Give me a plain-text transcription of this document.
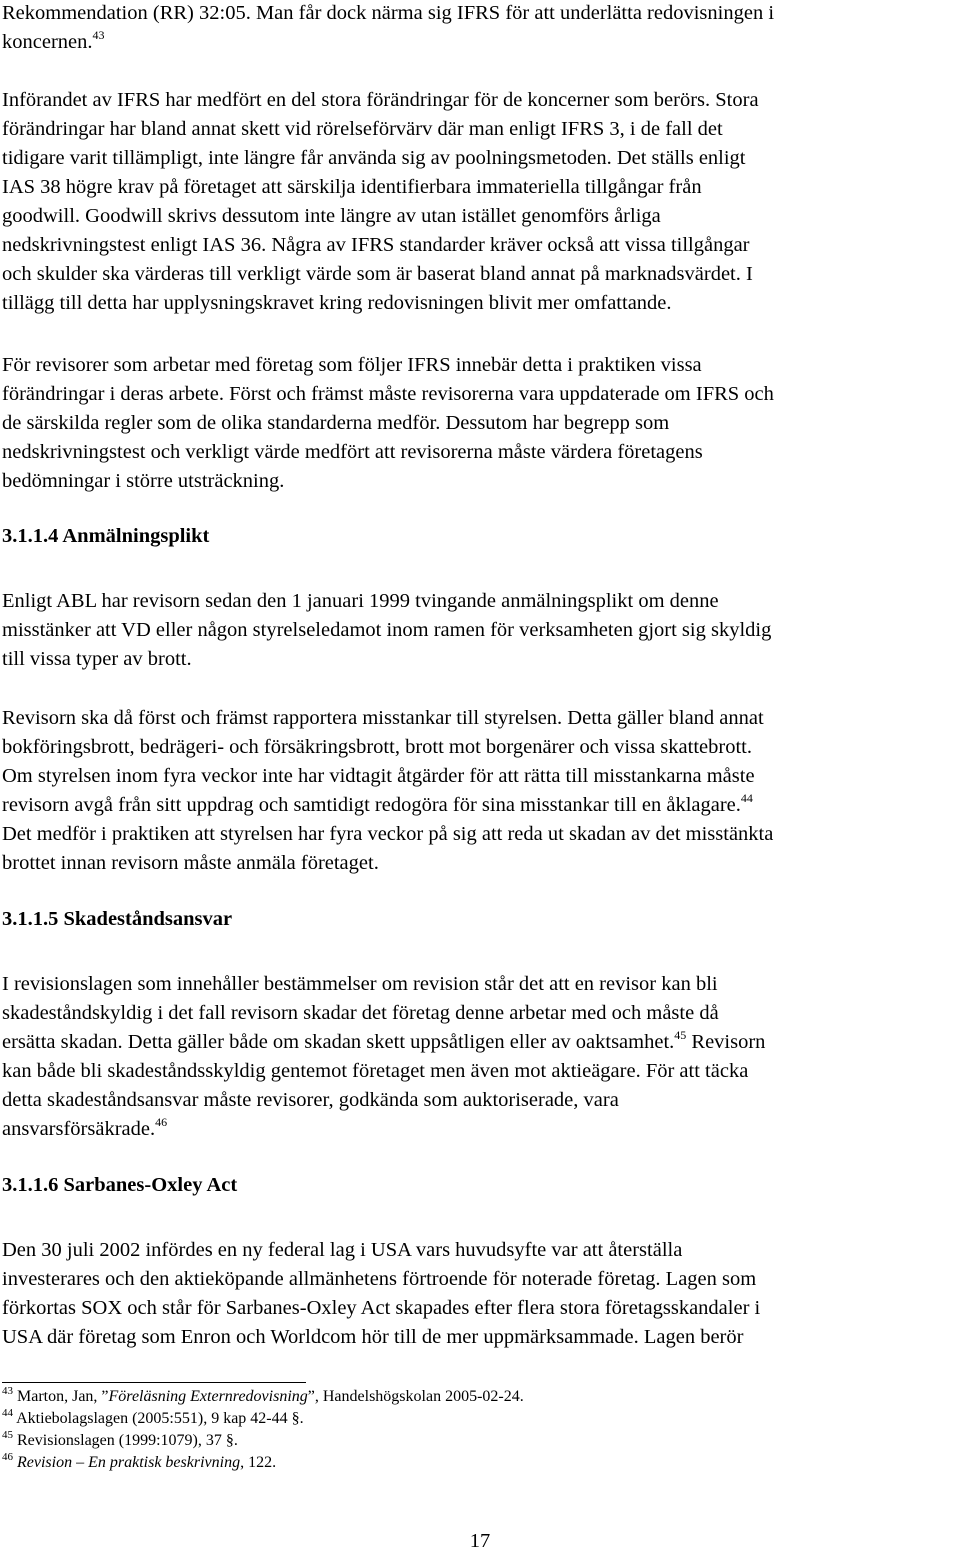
Rekommendation (RR) 32:05. Man får dock närma sig IFRS för att underlätta redovisningen i
koncernen.$^{43}$
Införandet av IFRS har medfört en del stora förändringar för de koncerner som berörs. Stora
förändringar har bland annat skett vid rörelseförvärv där man enligt IFRS 3, i de fall det
tidigare varit tillämpligt, inte längre får använda sig av poolningsmetoden. Det ställs enligt
IAS 38 högre krav på företaget att särskilja identifierbara immateriella tillgångar från
goodwill. Goodwill skrivs dessutom inte längre av utan istället genomförs årliga
nedskrivningstest enligt IAS 36. Några av IFRS standarder kräver också att vissa tillgångar
och skulder ska värderas till verkligt värde som är baserat bland annat på marknadsvärdet. I
tillägg till detta har upplysningskravet kring redovisningen blivit mer omfattande.
För revisorer som arbetar med företag som följer IFRS innebär detta i praktiken vissa
förändringar i deras arbete. Först och främst måste revisorerna vara uppdaterade om IFRS och
de särskilda regler som de olika standarderna medför. Dessutom har begrepp som
nedskrivningstest och verkligt värde medfört att revisorerna måste värdera företagens
bedömningar i större utsträckning.
3.1.1.4 Anmälningsplikt
Enligt ABL har revisorn sedan den 1 januari 1999 tvingande anmälningsplikt om denne
misstänker att VD eller någon styrelseledamot inom ramen för verksamheten gjort sig skyldig
till vissa typer av brott.
Revisorn ska då först och främst rapportera misstankar till styrelsen. Detta gäller bland annat
bokföringsbrott, bedrägeri- och försäkringsbrott, brott mot borgenärer och vissa skattebrott.
Om styrelsen inom fyra veckor inte har vidtagit åtgärder för att rätta till misstankarna måste
revisorn avgå från sitt uppdrag och samtidigt redogöra för sina misstankar till en åklagare.$^{44}$
Det medför i praktiken att styrelsen har fyra veckor på sig att reda ut skadan av det misstänkta
brottet innan revisorn måste anmäla företaget.
3.1.1.5 Skadeståndsansvar
I revisionslagen som innehåller bestämmelser om revision står det att en revisor kan bli
skadeståndskyldig i det fall revisorn skadar det företag denne arbetar med och måste då
ersätta skadan. Detta gäller både om skadan skett uppsåtligen eller av oaktsamhet.$^{45}$ Revisorn
kan både bli skadeståndsskyldig gentemot företaget men även mot aktieägare. För att täcka
detta skadeståndsansvar måste revisorer, godkända som auktoriserade, vara
ansvarsförsäkrade.$^{46}$
3.1.1.6 Sarbanes-Oxley Act
Den 30 juli 2002 infördes en ny federal lag i USA vars huvudsyfte var att återställa
investerares och den aktieköpande allmänhetens förtroende för noterade företag. Lagen som
förkortas SOX och står för Sarbanes-Oxley Act skapades efter flera stora företagsskandaler i
USA där företag som Enron och Worldcom hör till de mer uppmärksammade. Lagen berör
$^{43}$ Marton, Jan, ”Föreläsning Externredovisning”, Handelshögskolan 2005-02-24.
$^{44}$ Aktiebolagslagen (2005:551), 9 kap 42-44 §.
$^{45}$ Revisionslagen (1999:1079), 37 §.
$^{46}$ Revision – En praktisk beskrivning, 122.
17
